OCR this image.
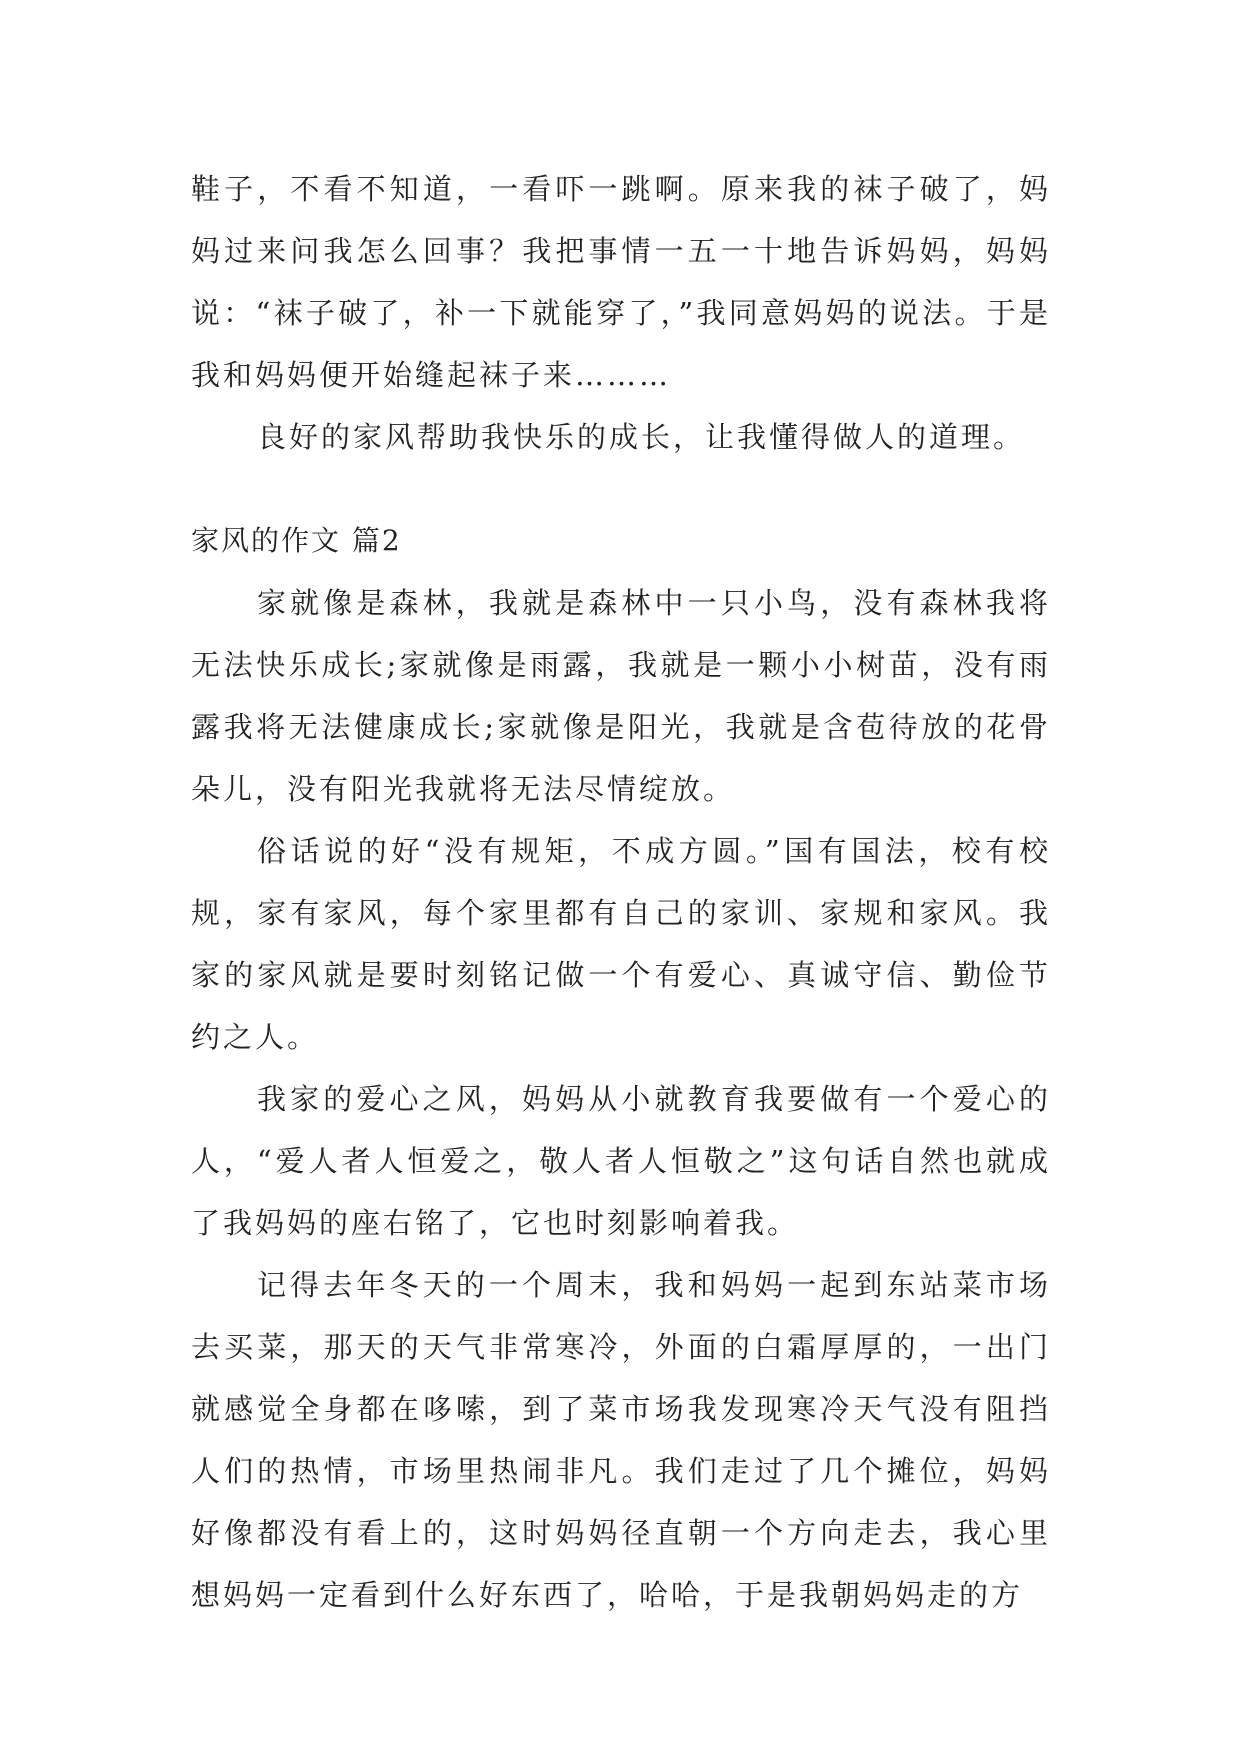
鞋子，不看不知道，一看吓一跳啊。原来我的袜子破了，妈妈过来问我怎么回事？我把事情一五一十地告诉妈妈，妈妈说：“袜子破了，补一下就能穿了，”我同意妈妈的说法。于是我和妈妈便开始缝起袜子来………

良好的家风帮助我快乐的成长，让我懂得做人的道理。

家风的作文 篇2

家就像是森林，我就是森林中一只小鸟，没有森林我将无法快乐成长;家就像是雨露，我就是一颗小小树苗，没有雨露我将无法健康成长;家就像是阳光，我就是含苞待放的花骨朵儿，没有阳光我就将无法尽情绽放。

俗话说的好“没有规矩，不成方圆。”国有国法，校有校规，家有家风，每个家里都有自己的家训、家规和家风。我家的家风就是要时刻铭记做一个有爱心、真诚守信、勤俭节约之人。

我家的爱心之风，妈妈从小就教育我要做有一个爱心的人，“爱人者人恒爱之，敬人者人恒敬之”这句话自然也就成了我妈妈的座右铭了，它也时刻影响着我。

记得去年冬天的一个周末，我和妈妈一起到东站菜市场去买菜，那天的天气非常寒冷，外面的白霜厚厚的，一出门就感觉全身都在哆嗦，到了菜市场我发现寒冷天气没有阻挡人们的热情，市场里热闹非凡。我们走过了几个摊位，妈妈好像都没有看上的，这时妈妈径直朝一个方向走去，我心里想妈妈一定看到什么好东西了，哈哈，于是我朝妈妈走的方
